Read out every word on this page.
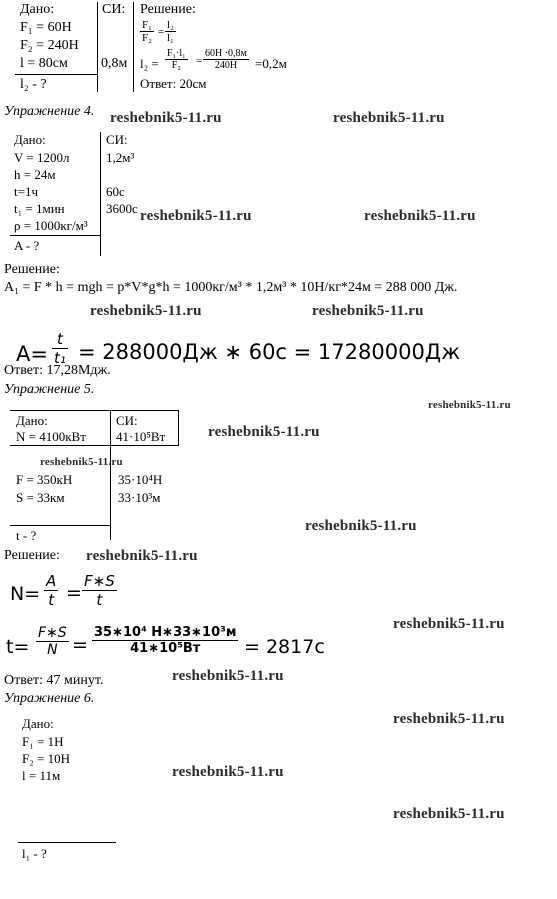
Дано:	СИ: Решение:
F₁ = 60Н
F₂ = 240Н
l = 80см 0,8м
l₂ - ?
$\frac{\text{F₁}}{\text{F₂}} = \frac{\text{l₂}}{\text{l₁}}$
$l_2 = \frac{\text{F₁·l₁}}{\text{F₂}}$ =
60Н ·0,8м
240Н	=0,2м
Ответ: 20см
Упражнение 4. reshebnik5-11.ru	reshebnik5-11.ru
Дано:	СИ:
V = 1200л	1,2м³
h = 24м
t=1ч	60с
t₁ = 1мин	3600с reshebnik5-11.ru	reshebnik5-11.ru
ρ = 1000кг/м³
A - ?
Решение:
A₁ = F * h = mgh = p*V*g*h = 1000кг/м³ * 1,2м³ * 10Н/кг*24м = 288 000 Дж.
reshebnik5-11.ru	reshebnik5-11.ru
$A= \frac{t}{\text{t₁}} = 288000Дж$ ∗ 60с = 17280000Дж
Ответ: 17,28Мдж.
Упражнение 5.
reshebnik5-11.ru
Дано:	СИ:
N = 4100кВт 41·10⁵Вт	reshebnik5-11.ru
reshebnik5-11.ru
F = 350кН	35·10⁴Н
S = 33км	33·10³м
reshebnik5-11.ru
t - ?
Решение: reshebnik5-11.ru
$N= \frac{A}{t} = \frac{F∗S}{t}$
reshebnik5-11.ru
$t= \frac{F∗S}{N}$ =
35∗10⁴ Н∗33∗10³м
41∗10⁵Вт	= 2817с
Ответ: 47 минут.	reshebnik5-11.ru
Упражнение 6.
reshebnik5-11.ru
Дано:
F₁ = 1Н
F₂ = 10Н
l = 11м	reshebnik5-11.ru
reshebnik5-11.ru
l₁ - ?
